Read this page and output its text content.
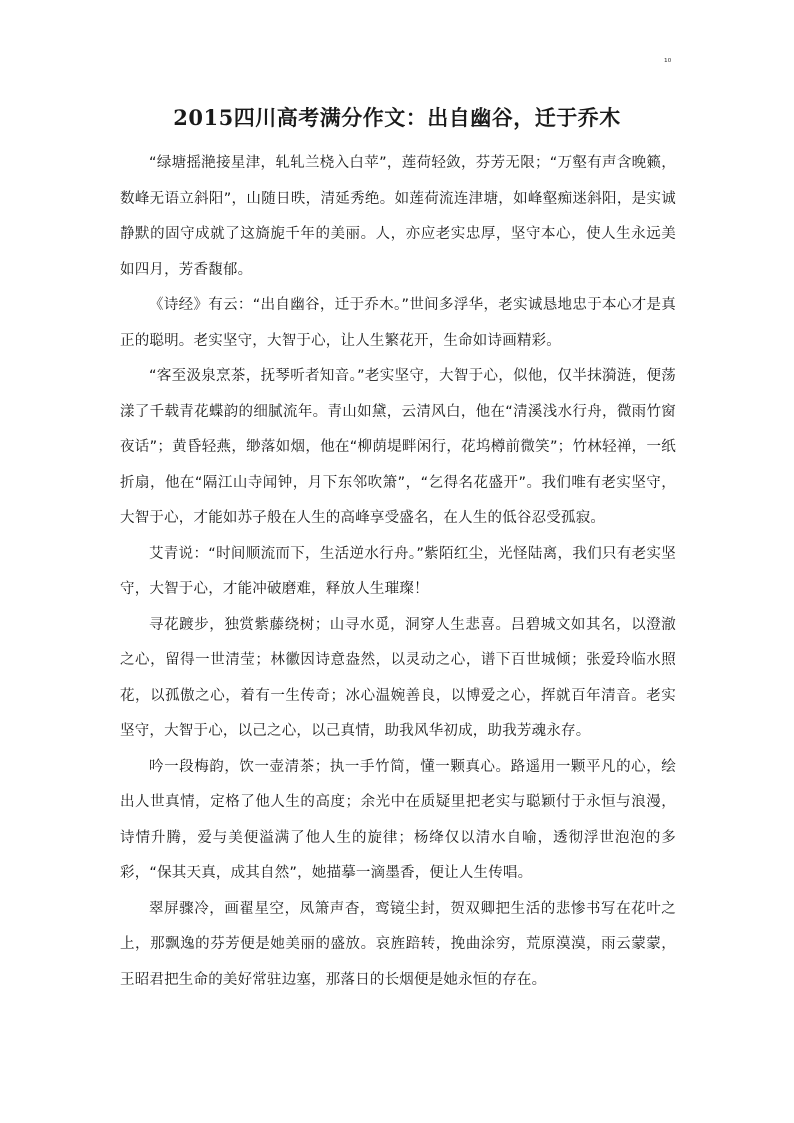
¹⁰
2015四川高考满分作文：出自幽谷，迁于乔木

“绿塘摇滟接星津，轧轧兰桡入白苹”，莲荷轻敛，芬芳无限；“万壑有声含晚籁，数峰无语立斜阳”，山随日昳，清延秀绝。如莲荷流连津塘，如峰壑痴迷斜阳，是实诚静默的固守成就了这旖旎千年的美丽。人，亦应老实忠厚，坚守本心，使人生永远美如四月，芳香馥郁。

《诗经》有云：“出自幽谷，迁于乔木。”世间多浮华，老实诚恳地忠于本心才是真正的聪明。老实坚守，大智于心，让人生繁花开，生命如诗画精彩。

“客至汲泉烹茶，抚琴听者知音。”老实坚守，大智于心，似他，仅半抹漪涟，便荡漾了千载青花蝶韵的细腻流年。青山如黛，云清风白，他在“清溪浅水行舟，微雨竹窗夜话”；黄昏轻燕，缈落如烟，他在“柳荫堤畔闲行，花坞樽前微笑”；竹林轻禅，一纸折扇，他在“隔江山寺闻钟，月下东邻吹箫”，“乞得名花盛开”。我们唯有老实坚守，大智于心，才能如苏子般在人生的高峰享受盛名，在人生的低谷忍受孤寂。

艾青说：“时间顺流而下，生活逆水行舟。”紫陌红尘，光怪陆离，我们只有老实坚守，大智于心，才能冲破磨难，释放人生璀璨！

寻花踱步，独赏紫藤绕树；山寻水觅，洞穿人生悲喜。吕碧城文如其名，以澄澈之心，留得一世清莹；林徽因诗意盎然，以灵动之心，谱下百世城倾；张爱玲临水照花，以孤傲之心，着有一生传奇；冰心温婉善良，以博爱之心，挥就百年清音。老实坚守，大智于心，以己之心，以己真情，助我风华初成，助我芳魂永存。

吟一段梅韵，饮一壶清茶；执一手竹简，懂一颗真心。路遥用一颗平凡的心，绘出人世真情，定格了他人生的高度；余光中在质疑里把老实与聪颖付于永恒与浪漫，诗情升腾，爱与美便溢满了他人生的旋律；杨绛仅以清水自喻，透彻浮世泡泡的多彩，“保其天真，成其自然”，她描摹一滴墨香，便让人生传唱。

翠屏骤冷，画翟星空，凤箫声杳，鸾镜尘封，贺双卿把生活的悲惨书写在花叶之上，那飘逸的芬芳便是她美丽的盛放。哀旌踣转，挽曲涂穷，荒原漠漠，雨云蒙蒙，王昭君把生命的美好常驻边塞，那落日的长烟便是她永恒的存在。
